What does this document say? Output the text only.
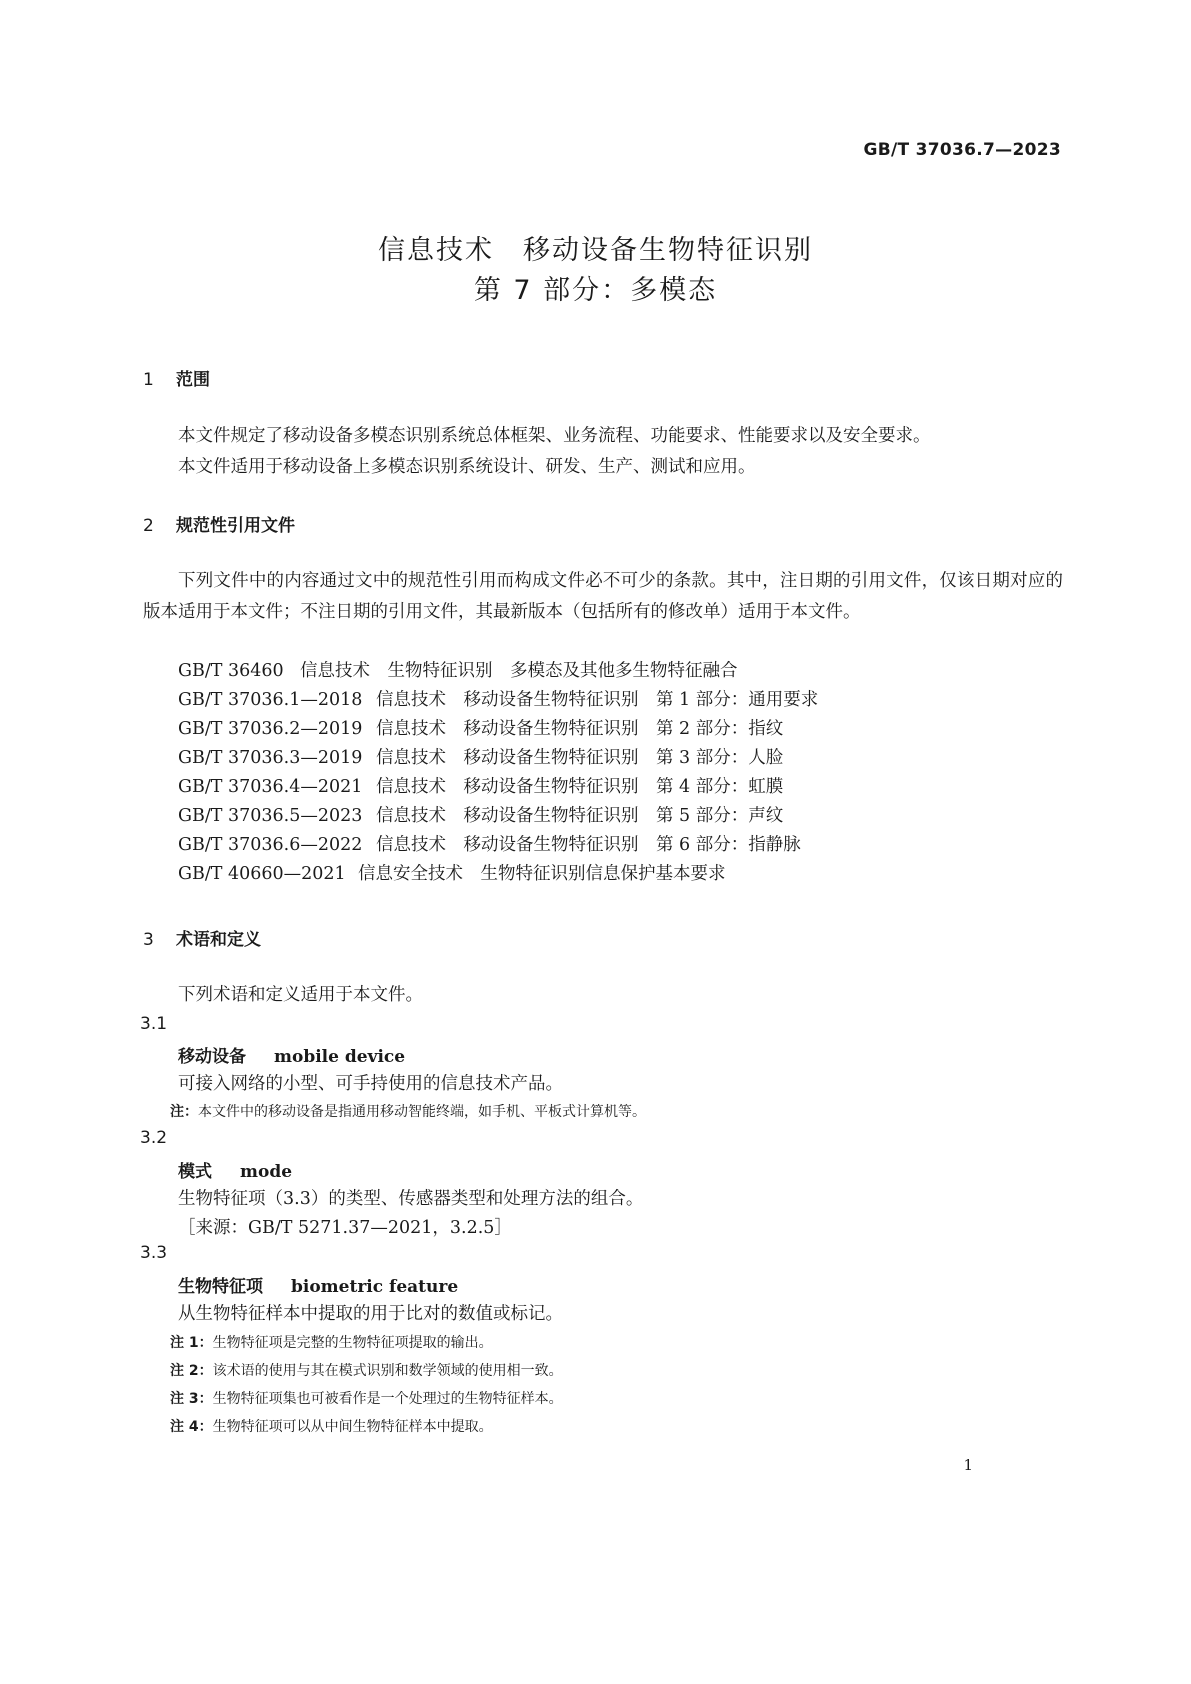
GB/T 37036.7—2023
信息技术　移动设备生物特征识别
第 7 部分：多模态
1 范围

本文件规定了移动设备多模态识别系统总体框架、业务流程、功能要求、性能要求以及安全要求。

本文件适用于移动设备上多模态识别系统设计、研发、生产、测试和应用。

2 规范性引用文件

下列文件中的内容通过文中的规范性引用而构成文件必不可少的条款。其中，注日期的引用文件，仅该日期对应的版本适用于本文件；不注日期的引用文件，其最新版本（包括所有的修改单）适用于本文件。

GB/T 36460 信息技术　生物特征识别　多模态及其他多生物特征融合
GB/T 37036.1—2018 信息技术　移动设备生物特征识别　第 1 部分：通用要求
GB/T 37036.2—2019 信息技术　移动设备生物特征识别　第 2 部分：指纹
GB/T 37036.3—2019 信息技术　移动设备生物特征识别　第 3 部分：人脸
GB/T 37036.4—2021 信息技术　移动设备生物特征识别　第 4 部分：虹膜
GB/T 37036.5—2023 信息技术　移动设备生物特征识别　第 5 部分：声纹
GB/T 37036.6—2022 信息技术　移动设备生物特征识别　第 6 部分：指静脉
GB/T 40660—2021 信息安全技术　生物特征识别信息保护基本要求
3 术语和定义
下列术语和定义适用于本文件。
3.1
移动设备 mobile device
可接入网络的小型、可手持使用的信息技术产品。
注：本文件中的移动设备是指通用移动智能终端，如手机、平板式计算机等。
3.2
模式 mode
生物特征项（3.3）的类型、传感器类型和处理方法的组合。
［来源：GB/T 5271.37—2021，3.2.5］
3.3
生物特征项 biometric feature
从生物特征样本中提取的用于比对的数值或标记。
注 1：生物特征项是完整的生物特征项提取的输出。
注 2：该术语的使用与其在模式识别和数学领域的使用相一致。
注 3：生物特征项集也可被看作是一个处理过的生物特征样本。
注 4：生物特征项可以从中间生物特征样本中提取。
1
